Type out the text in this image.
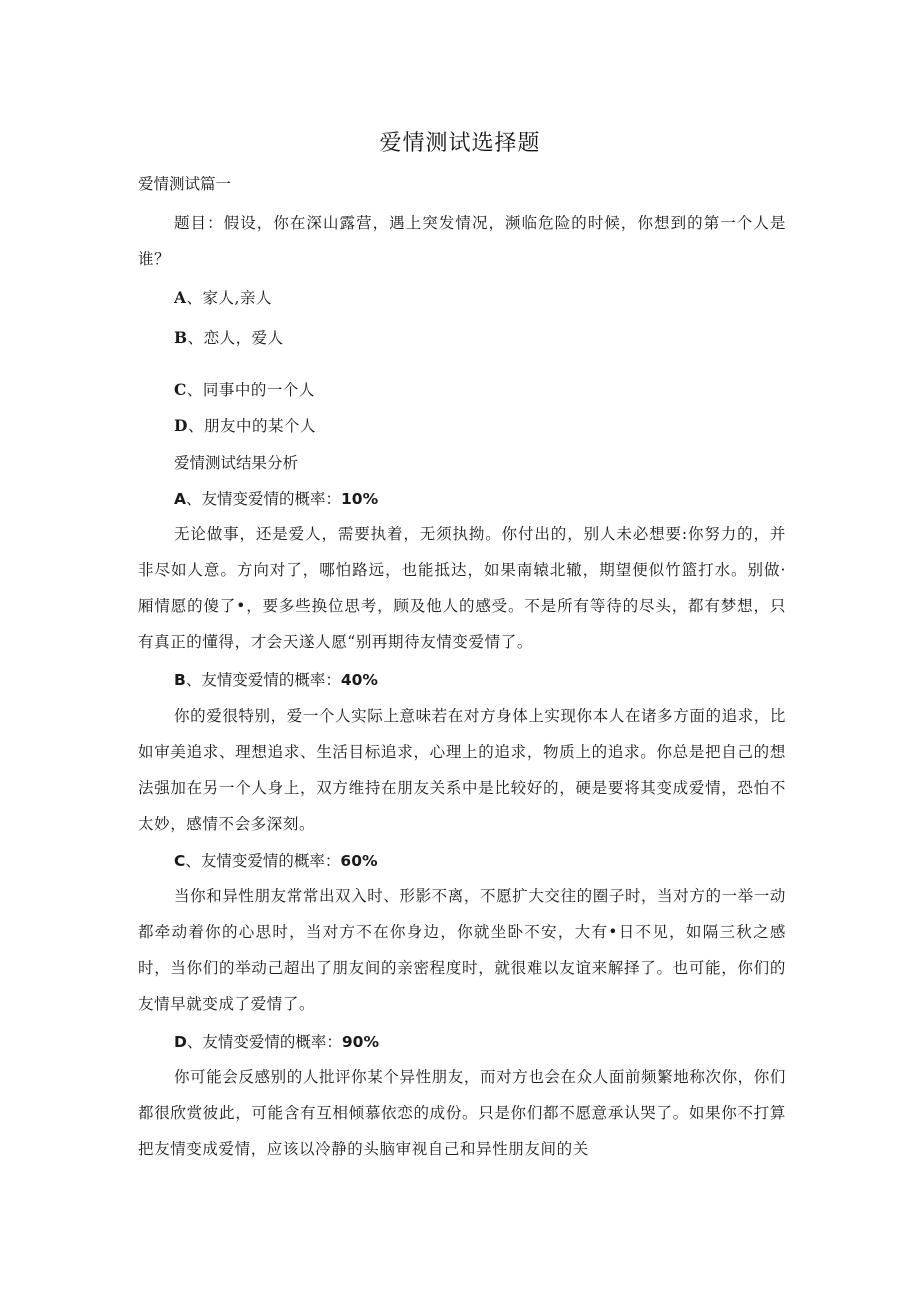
爱情测试选择题
爱情测试篇一
题目：假设，你在深山露营，遇上突发情况，濒临危险的时候，你想到的第一个人是谁？
A、家人,亲人
B、恋人，爱人
C、同事中的一个人
D、朋友中的某个人
爱情测试结果分析
A、友情变爱情的概率：10%
无论做事，还是爱人，需要执着，无须执拗。你付出的，别人未必想要:你努力的，并非尽如人意。方向对了，哪怕路远，也能抵达，如果南辕北辙，期望便似竹篮打水。别做·厢情愿的傻了•，要多些换位思考，顾及他人的感受。不是所有等待的尽头，都有梦想，只有真正的懂得，才会天遂人愿“别再期待友情变爱情了。
B、友情变爱情的概率：40%
你的爱很特别，爱一个人实际上意味若在对方身体上实现你本人在诸多方面的追求，比如审美追求、理想追求、生活目标追求，心理上的追求，物质上的追求。你总是把自己的想法强加在另一个人身上，双方维持在朋友关系中是比较好的，硬是要将其变成爱情，恐怕不太妙，感情不会多深刻。
C、友情变爱情的概率：60%
当你和异性朋友常常出双入时、形影不离，不愿扩大交往的圈子时，当对方的一举一动都牵动着你的心思时，当对方不在你身边，你就坐卧不安，大有•日不见，如隔三秋之感时，当你们的举动己超出了朋友间的亲密程度时，就很难以友谊来解择了。也可能，你们的友情早就变成了爱情了。
D、友情变爱情的概率：90%
你可能会反感别的人批评你某个异性朋友，而对方也会在众人面前频繁地称次你，你们都很欣赏彼此，可能含有互相倾慕依恋的成份。只是你们都不愿意承认哭了。如果你不打算把友情变成爱情，应该以冷静的头脑审视自己和异性朋友间的关
